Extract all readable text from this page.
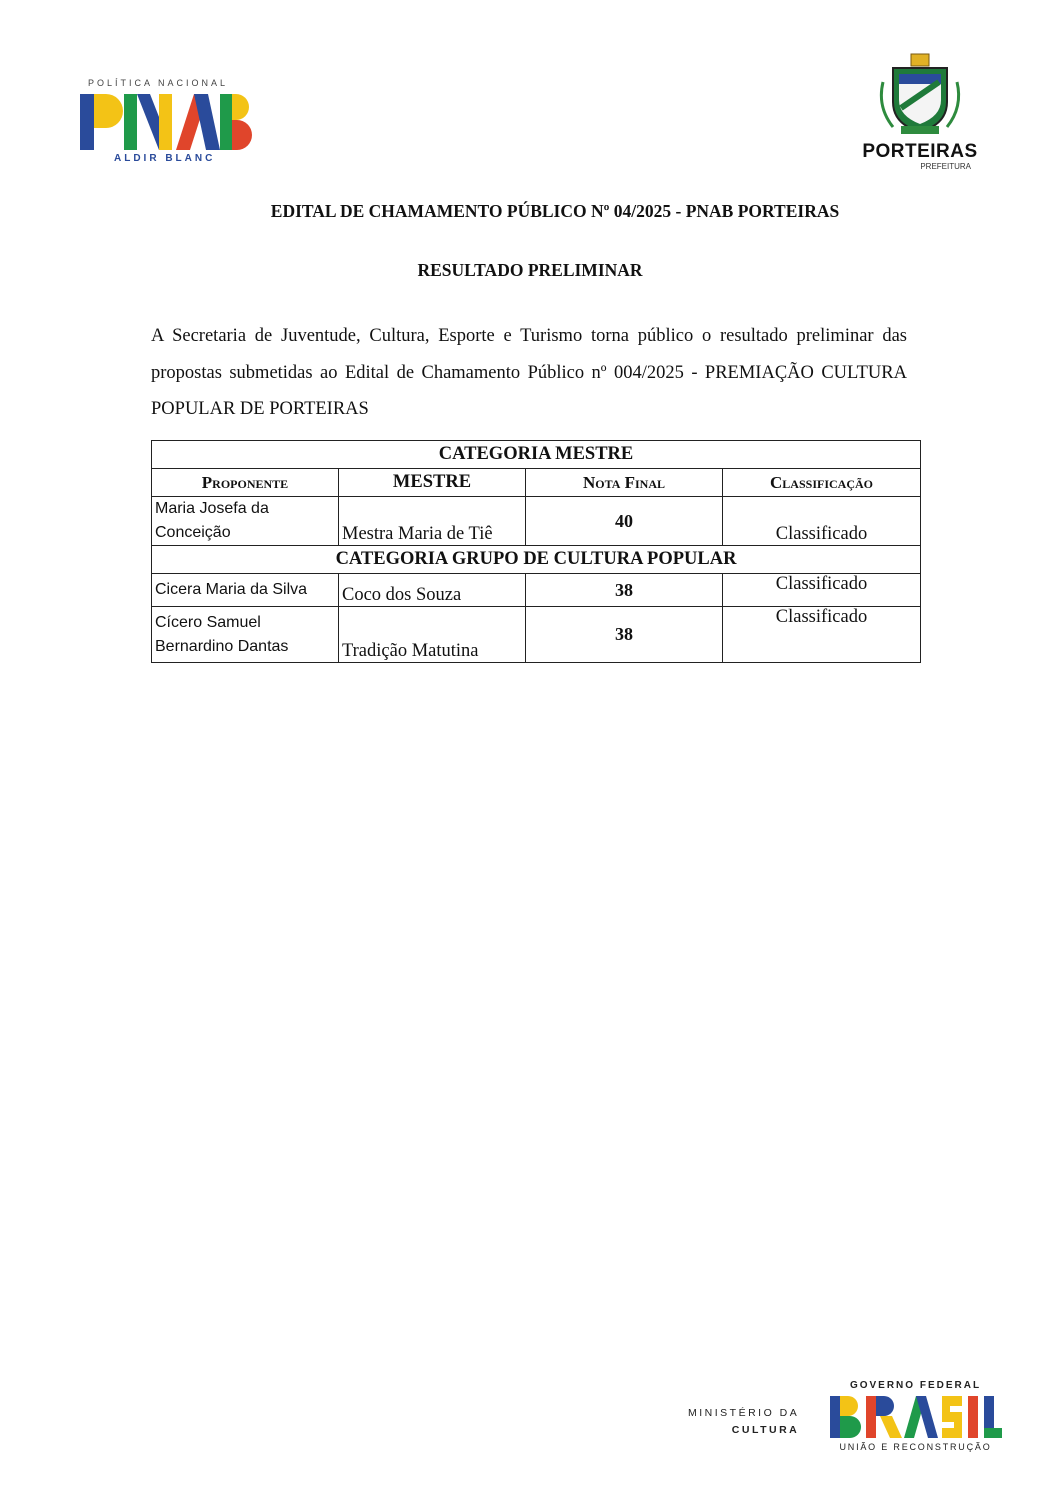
POLÍTICA NACIONAL
ALDIR BLANC	PORTEIRAS
PREFEITURA
EDITAL DE CHAMAMENTO PÚBLICO Nº 04/2025 - PNAB PORTEIRAS
RESULTADO PRELIMINAR
A Secretaria de Juventude, Cultura, Esporte e Turismo torna público o resultado preliminar das propostas submetidas ao Edital de Chamamento Público nº 004/2025 - PREMIAÇÃO CULTURA POPULAR DE PORTEIRAS
CATEGORIA MESTRE			
Proponente	MESTRE	Nota Final	Classificação
Maria Josefa da Conceição	Mestra Maria de Tiê	40	Classificado
CATEGORIA GRUPO DE CULTURA POPULAR			
Cicera Maria da Silva	Coco dos Souza	38	Classificado
Cícero Samuel Bernardino Dantas	Tradição Matutina	38	Classificado
MINISTÉRIO DA
CULTURA
GOVERNO FEDERAL
UNIÃO E RECONSTRUÇÃO
